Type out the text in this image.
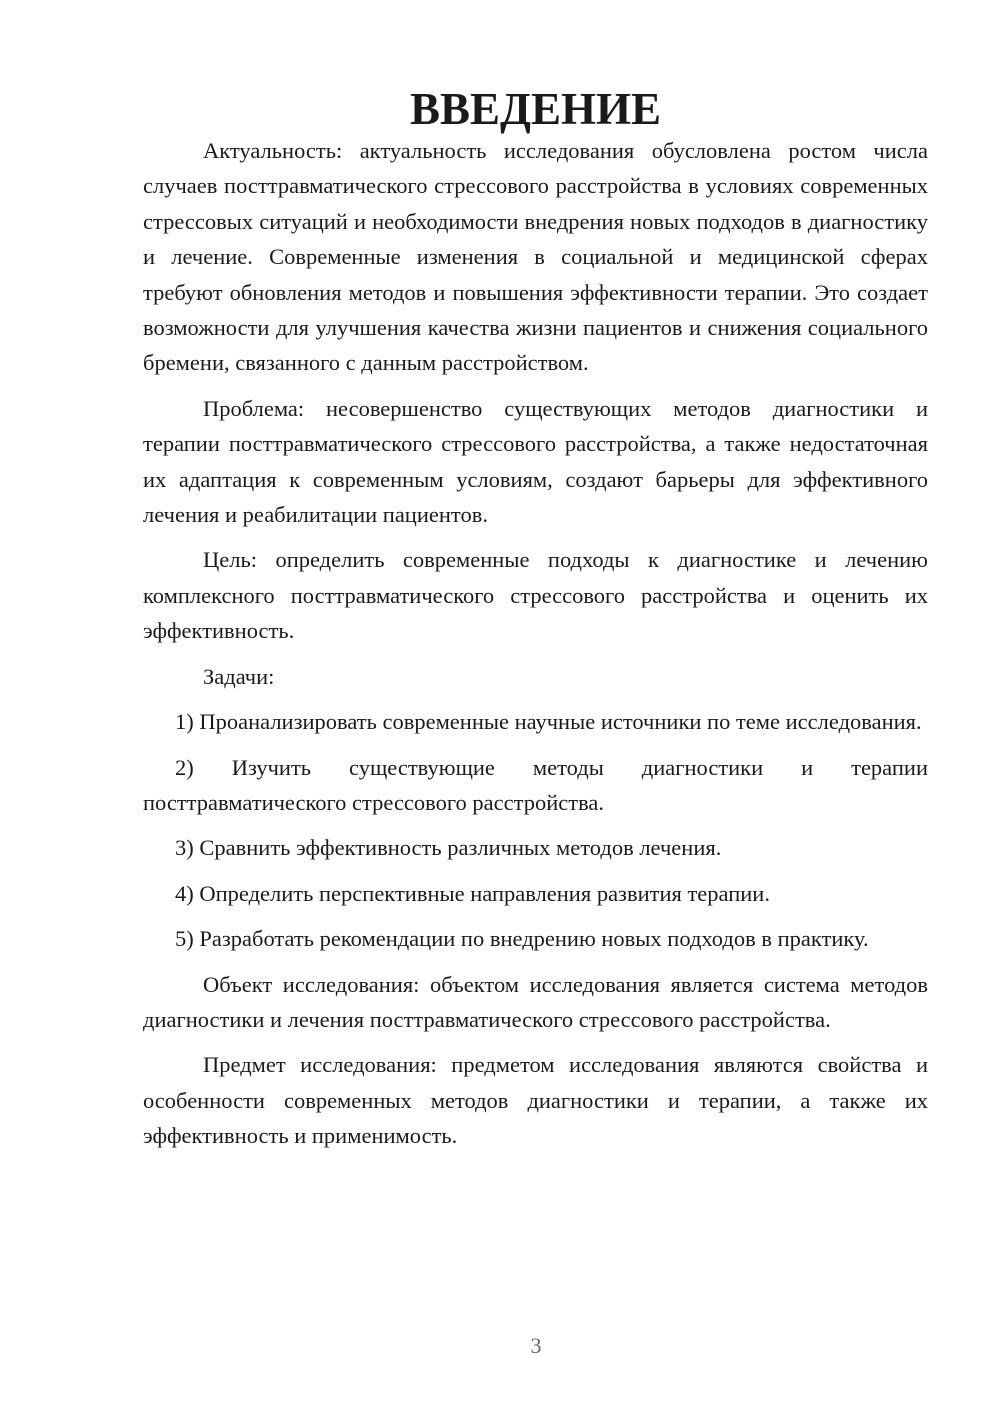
ВВЕДЕНИЕ

Актуальность: актуальность исследования обусловлена ростом числа случаев посттравматического стрессового расстройства в условиях современных стрессовых ситуаций и необходимости внедрения новых подходов в диагностику и лечение. Современные изменения в социальной и медицинской сферах требуют обновления методов и повышения эффективности терапии. Это создает возможности для улучшения качества жизни пациентов и снижения социального бремени, связанного с данным расстройством.

Проблема: несовершенство существующих методов диагностики и терапии посттравматического стрессового расстройства, а также недостаточная их адаптация к современным условиям, создают барьеры для эффективного лечения и реабилитации пациентов.

Цель: определить современные подходы к диагностике и лечению комплексного посттравматического стрессового расстройства и оценить их эффективность.

Задачи:

1) Проанализировать современные научные источники по теме исследования.

2) Изучить существующие методы диагностики и терапии посттравматического стрессового расстройства.

3) Сравнить эффективность различных методов лечения.

4) Определить перспективные направления развития терапии.

5) Разработать рекомендации по внедрению новых подходов в практику.

Объект исследования: объектом исследования является система методов диагностики и лечения посттравматического стрессового расстройства.

Предмет исследования: предметом исследования являются свойства и особенности современных методов диагностики и терапии, а также их эффективность и применимость.

3
